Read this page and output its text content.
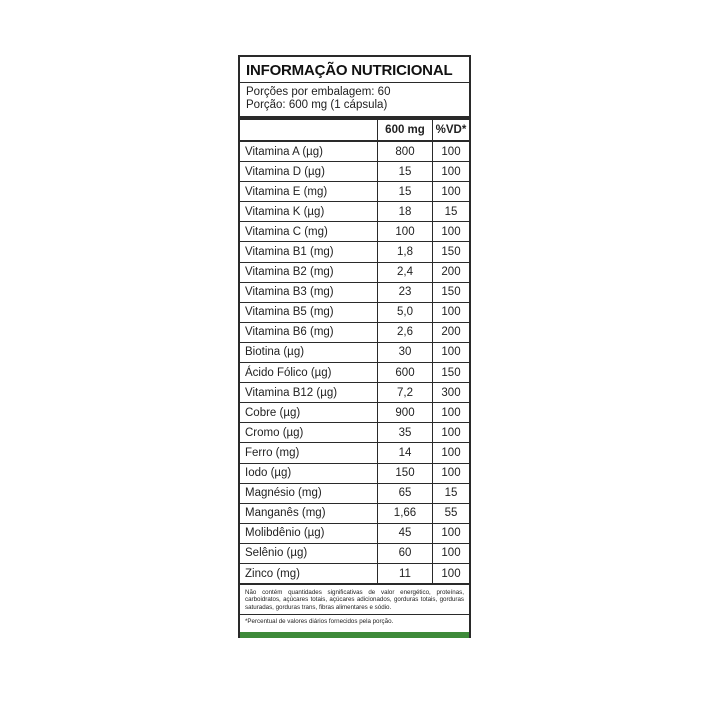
INFORMAÇÃO NUTRICIONAL
Porções por embalagem: 60
Porção: 600 mg (1 cápsula)
	600 mg	%VD*
Vitamina A (µg)	800	100
Vitamina D (µg)	15	100
Vitamina E (mg)	15	100
Vitamina K (µg)	18	15
Vitamina C (mg)	100	100
Vitamina B1 (mg)	1,8	150
Vitamina B2 (mg)	2,4	200
Vitamina B3 (mg)	23	150
Vitamina B5 (mg)	5,0	100
Vitamina B6 (mg)	2,6	200
Biotina (µg)	30	100
Ácido Fólico (µg)	600	150
Vitamina B12 (µg)	7,2	300
Cobre (µg)	900	100
Cromo (µg)	35	100
Ferro (mg)	14	100
Iodo (µg)	150	100
Magnésio (mg)	65	15
Manganês (mg)	1,66	55
Molibdênio (µg)	45	100
Selênio (µg)	60	100
Zinco (mg)	11	100
Não contém quantidades significativas de valor energético, proteínas, carboidratos, açúcares totais, açúcares adicionados, gorduras totais, gorduras saturadas, gorduras trans, fibras alimentares e sódio.
*Percentual de valores diários fornecidos pela porção.
